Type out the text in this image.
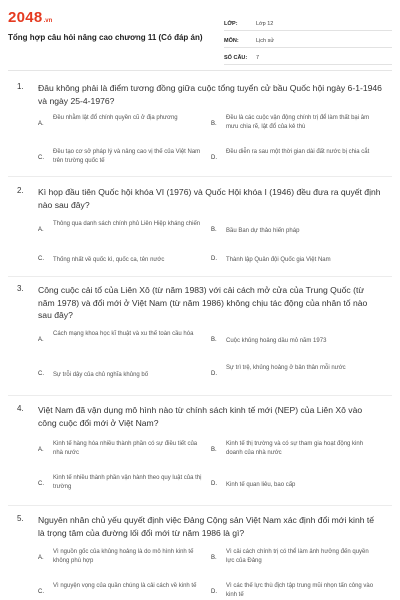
2048 .vn
Tổng hợp câu hỏi nâng cao chương 11 (Có đáp án)
LỚP:	Lớp 12
MÔN:	Lịch sử
SỐ CÂU:	7
1. Đâu không phải là điểm tương đồng giữa cuộc tổng tuyển cử bầu Quốc hội ngày 6-1-1946 và ngày 25-4-1976?
A.
Đều nhằm lật đổ chính quyền cũ ở địa phương
B.
Đều là các cuộc vận động chính trị để làm thất bại âm mưu chia rẽ, lật đổ của kẻ thù
C.
Đều tạo cơ sở pháp lý và nâng cao vị thế của Việt Nam trên trường quốc tế	D.
Đều diễn ra sau một thời gian dài đất nước bị chia cắt
2. Kì họp đầu tiên Quốc hội khóa VI (1976) và Quốc Hội khóa I (1946) đều đưa ra quyết định nào sau đây?
A.
Thông qua danh sách chính phủ Liên Hiệp kháng chiến
B. Bầu Ban dự thảo hiến pháp
C. Thống nhất về quốc kì, quốc ca, tên nước	D. Thành lập Quân đội Quốc gia Việt Nam
3. Công cuộc cải tổ của Liên Xô (từ năm 1983) với cải cách mở cửa của Trung Quốc (từ năm 1978) và đổi mới ở Việt Nam (từ năm 1986) không chịu tác động của nhân tố nào sau đây?
A.
Cách mạng khoa học kĩ thuật và xu thế toàn cầu hóa
B. Cuộc khủng hoảng dầu mỏ năm 1973
C. Sự trỗi dậy của chủ nghĩa khủng bố	D.
Sự trì trệ, khủng hoảng ở bản thân mỗi nước
4. Việt Nam đã vận dụng mô hình nào từ chính sách kinh tế mới (NEP) của Liên Xô vào công cuộc đổi mới ở Việt Nam?
A.
Kinh tế hàng hóa nhiều thành phần có sự điều tiết của nhà nước	B.
Kinh tế thị trường và có sự tham gia hoạt động kinh doanh của nhà nước
C.
Kinh tế nhiều thành phần vận hành theo quy luật của thị trường	D. Kinh tế quan liêu, bao cấp
5. Nguyên nhân chủ yếu quyết định việc Đảng Cộng sản Việt Nam xác định đổi mới kinh tế là trọng tâm của đường lối đổi mới từ năm 1986 là gì?
A.
Vì nguồn gốc của khủng hoảng là do mô hình kinh tế không phù hợp	B.
Vì cải cách chính trị có thể làm ảnh hưởng đến quyền lực của Đảng
C.
Vì nguyện vọng của quần chúng là cải cách về kinh tế
D.
Vì các thế lực thù địch tập trung mũi nhọn tấn công vào kinh tế
